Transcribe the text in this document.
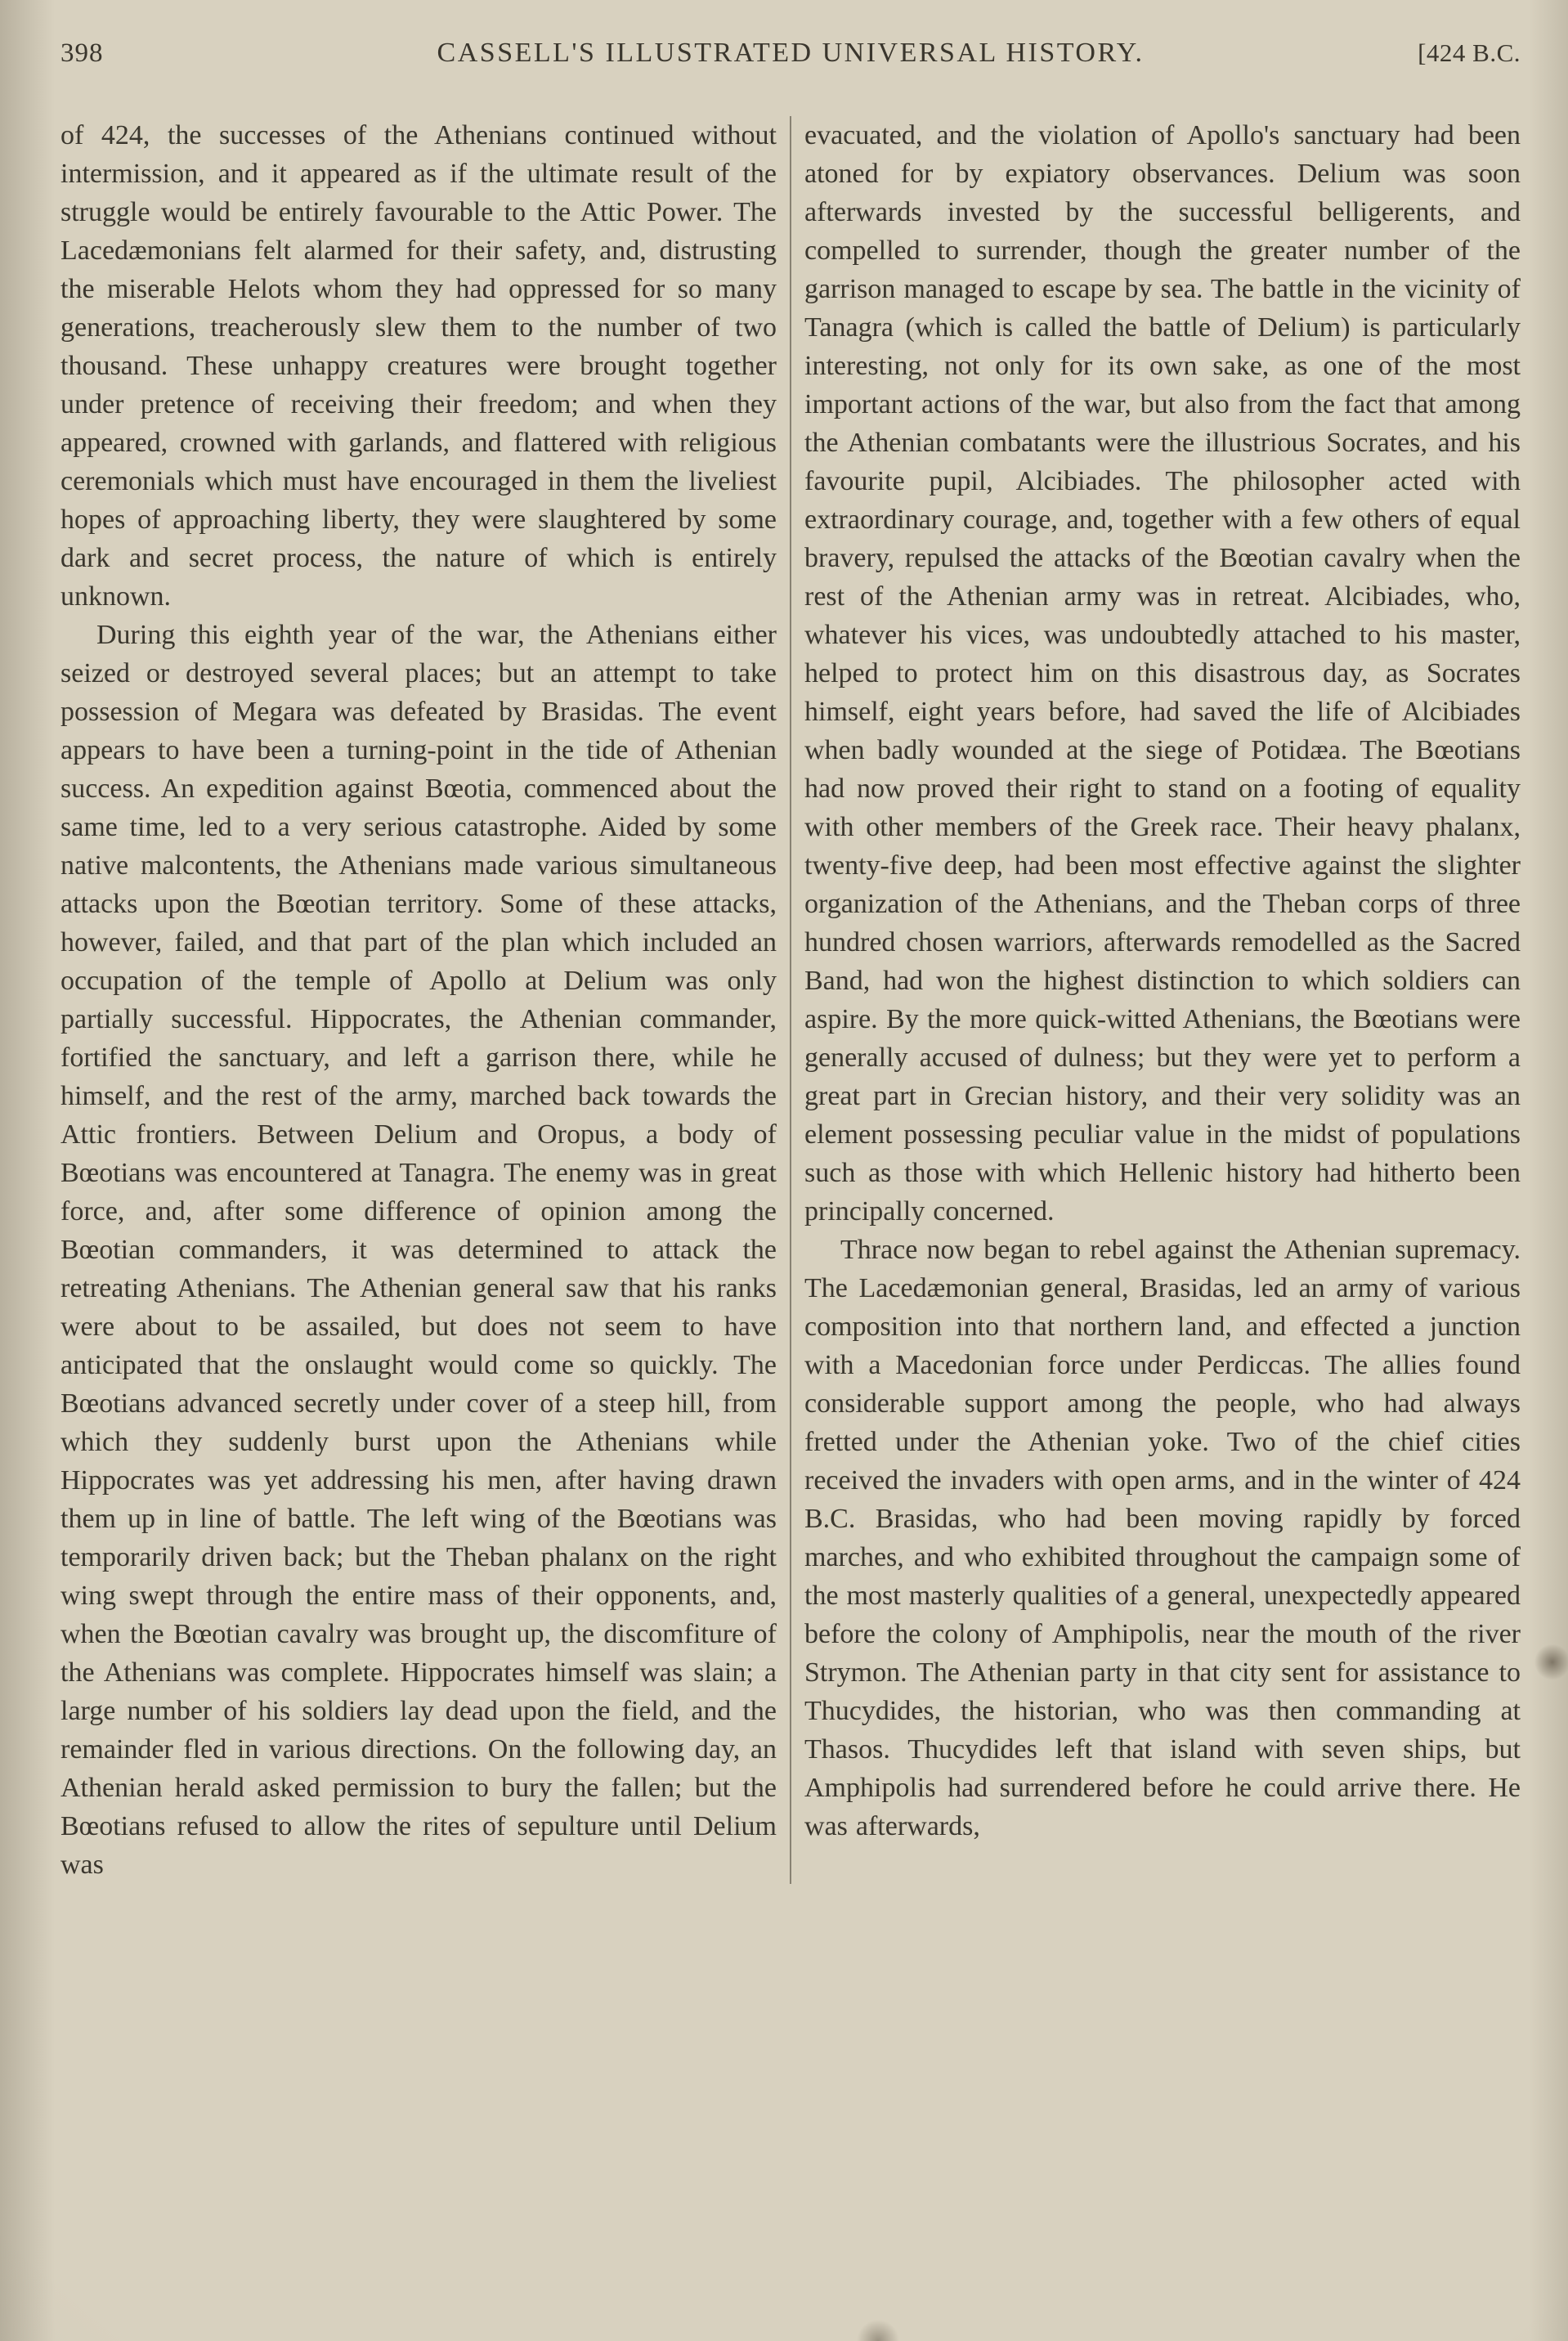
398	CASSELL'S ILLUSTRATED UNIVERSAL HISTORY.	[424 B.C.

of 424, the successes of the Athenians continued without intermission, and it appeared as if the ultimate result of the struggle would be entirely favourable to the Attic Power. The Lacedæmonians felt alarmed for their safety, and, distrusting the miserable Helots whom they had oppressed for so many generations, treacherously slew them to the number of two thousand. These unhappy creatures were brought together under pretence of receiving their freedom; and when they appeared, crowned with garlands, and flattered with religious ceremonials which must have encouraged in them the liveliest hopes of approaching liberty, they were slaughtered by some dark and secret process, the nature of which is entirely unknown.

During this eighth year of the war, the Athenians either seized or destroyed several places; but an attempt to take possession of Megara was defeated by Brasidas. The event appears to have been a turning-point in the tide of Athenian success. An expedition against Bœotia, commenced about the same time, led to a very serious catastrophe. Aided by some native malcontents, the Athenians made various simultaneous attacks upon the Bœotian territory. Some of these attacks, however, failed, and that part of the plan which included an occupation of the temple of Apollo at Delium was only partially successful. Hippocrates, the Athenian commander, fortified the sanctuary, and left a garrison there, while he himself, and the rest of the army, marched back towards the Attic frontiers. Between Delium and Oropus, a body of Bœotians was encountered at Tanagra. The enemy was in great force, and, after some difference of opinion among the Bœotian commanders, it was determined to attack the retreating Athenians. The Athenian general saw that his ranks were about to be assailed, but does not seem to have anticipated that the onslaught would come so quickly. The Bœotians advanced secretly under cover of a steep hill, from which they suddenly burst upon the Athenians while Hippocrates was yet addressing his men, after having drawn them up in line of battle. The left wing of the Bœotians was temporarily driven back; but the Theban phalanx on the right wing swept through the entire mass of their opponents, and, when the Bœotian cavalry was brought up, the discomfiture of the Athenians was complete. Hippocrates himself was slain; a large number of his soldiers lay dead upon the field, and the remainder fled in various directions. On the following day, an Athenian herald asked permission to bury the fallen; but the Bœotians refused to allow the rites of sepulture until Delium was

evacuated, and the violation of Apollo's sanctuary had been atoned for by expiatory observances. Delium was soon afterwards invested by the successful belligerents, and compelled to surrender, though the greater number of the garrison managed to escape by sea. The battle in the vicinity of Tanagra (which is called the battle of Delium) is particularly interesting, not only for its own sake, as one of the most important actions of the war, but also from the fact that among the Athenian combatants were the illustrious Socrates, and his favourite pupil, Alcibiades. The philosopher acted with extraordinary courage, and, together with a few others of equal bravery, repulsed the attacks of the Bœotian cavalry when the rest of the Athenian army was in retreat. Alcibiades, who, whatever his vices, was undoubtedly attached to his master, helped to protect him on this disastrous day, as Socrates himself, eight years before, had saved the life of Alcibiades when badly wounded at the siege of Potidæa. The Bœotians had now proved their right to stand on a footing of equality with other members of the Greek race. Their heavy phalanx, twenty-five deep, had been most effective against the slighter organization of the Athenians, and the Theban corps of three hundred chosen warriors, afterwards remodelled as the Sacred Band, had won the highest distinction to which soldiers can aspire. By the more quick-witted Athenians, the Bœotians were generally accused of dulness; but they were yet to perform a great part in Grecian history, and their very solidity was an element possessing peculiar value in the midst of populations such as those with which Hellenic history had hitherto been principally concerned.

Thrace now began to rebel against the Athenian supremacy. The Lacedæmonian general, Brasidas, led an army of various composition into that northern land, and effected a junction with a Macedonian force under Perdiccas. The allies found considerable support among the people, who had always fretted under the Athenian yoke. Two of the chief cities received the invaders with open arms, and in the winter of 424 B.C. Brasidas, who had been moving rapidly by forced marches, and who exhibited throughout the campaign some of the most masterly qualities of a general, unexpectedly appeared before the colony of Amphipolis, near the mouth of the river Strymon. The Athenian party in that city sent for assistance to Thucydides, the historian, who was then commanding at Thasos. Thucydides left that island with seven ships, but Amphipolis had surrendered before he could arrive there. He was afterwards,
